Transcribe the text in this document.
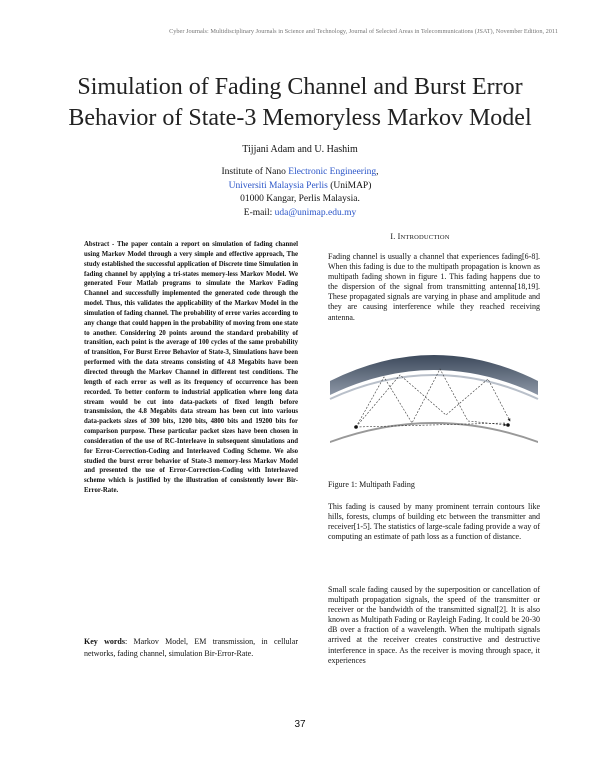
Cyber Journals: Multidisciplinary Journals in Science and Technology, Journal of Selected Areas in Telecommunications (JSAT), November Edition, 2011
Simulation of Fading Channel and Burst Error
Behavior of State-3 Memoryless Markov Model
Tijjani Adam and U. Hashim
Institute of Nano Electronic Engineering,
Universiti Malaysia Perlis (UniMAP)
01000 Kangar, Perlis Malaysia.
E-mail: uda@unimap.edu.my
Abstract - The paper contain a report on simulation of fading channel using Markov Model through a very simple and effective approach, The study established the successful application of Discrete time Simulation in fading channel by applying a tri-states memory-less Markov Model. We generated Four Matlab programs to simulate the Markov Fading Channel and successfully implemented the generated code through the model. Thus, this validates the applicability of the Markov Model in the simulation of fading channel. The probability of error varies according to any change that could happen in the probability of moving from one state to another. Considering 20 points around the standard probability of transition, each point is the average of 100 cycles of the same probability of transition, For Burst Error Behavior of State-3, Simulations have been performed with the data streams consisting of 4.8 Megabits have been directed through the Markov Channel in different test conditions. The length of each error as well as its frequency of occurrence has been recorded. To better conform to industrial application where long data stream would be cut into data-packets of fixed length before transmission, the 4.8 Megabits data stream has been cut into various data-packets sizes of 300 bits, 1200 bits, 4800 bits and 19200 bits for comparison purpose. These particular packet sizes have been chosen in consideration of the use of RC-Interleave in subsequent simulations and for Error-Correction-Coding and Interleaved Coding Scheme. We also studied the burst error behavior of State-3 memory-less Markov Model and presented the use of Error-Correction-Coding with Interleaved scheme which is justified by the illustration of consistently lower Bir-Error-Rate.
Key words: Markov Model, EM transmission, in cellular networks, fading channel, simulation Bir-Error-Rate.
I. INTRODUCTION
Fading channel is usually a channel that experiences fading[6-8]. When this fading is due to the multipath propagation is known as multipath fading shown in figure 1. This fading happens due to the dispersion of the signal from transmitting antenna[18,19]. These propagated signals are varying in phase and amplitude and they are causing interference while they reached receiving antenna.
Figure 1: Multipath Fading
This fading is caused by many prominent terrain contours like hills, forests, clumps of building etc between the transmitter and receiver[1-5]. The statistics of large-scale fading provide a way of computing an estimate of path loss as a function of distance.
Small scale fading caused by the superposition or cancellation of multipath propagation signals, the speed of the transmitter or receiver or the bandwidth of the transmitted signal[2]. It is also known as Multipath Fading or Rayleigh Fading. It could be 20-30 dB over a fraction of a wavelength. When the multipath signals arrived at the receiver creates constructive and destructive interference in space. As the receiver is moving through space, it experiences
37
